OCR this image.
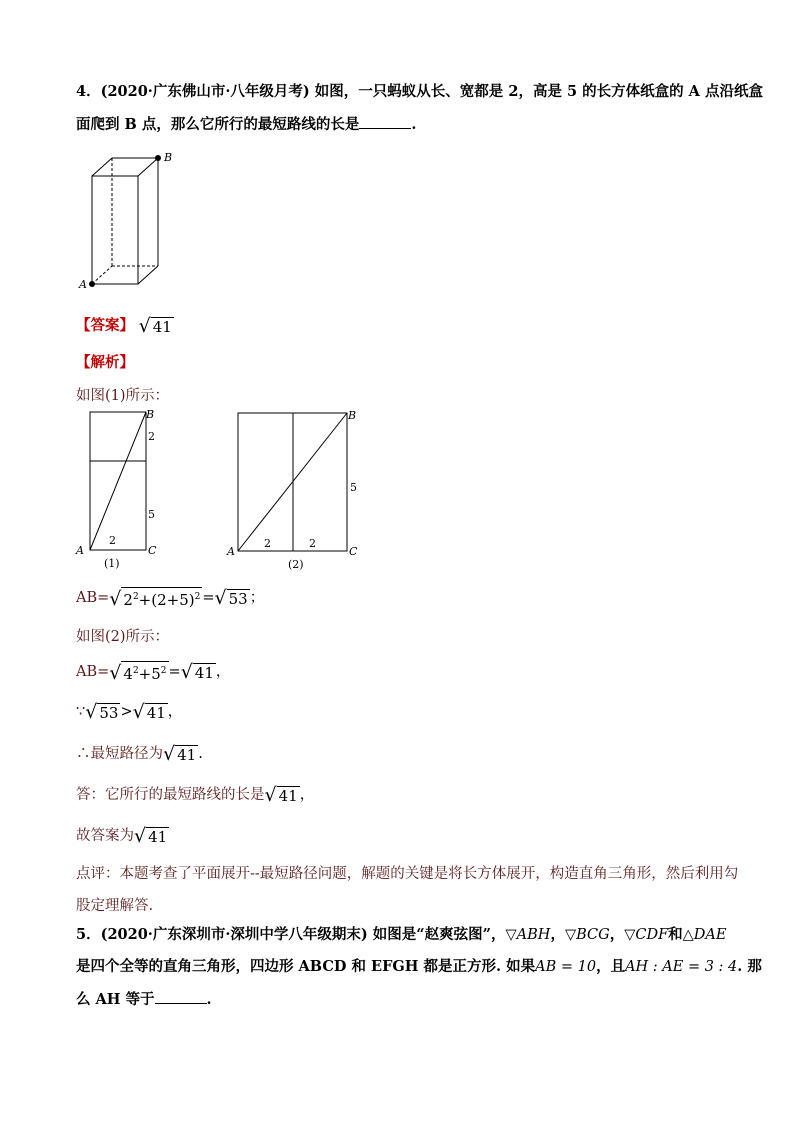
4．(2020·广东佛山市·八年级月考) 如图，一只蚂蚁从长、宽都是 2，高是 5 的长方体纸盒的 A 点沿纸盒
面爬到 B 点，那么它所行的最短路线的长是	.
A
B
【答案】 √ 41
【解析】
如图(1)所示：
A
B
C
2
5
2
(1)
A
B
C
5
2	2
(2)
AB= √ $2^2+(2+5)^2$ = √ 53 ；
如图(2)所示：
AB= √ $4^2+5^2$ = √ 41 ，
∵ √ 53 > √ 41 ，
∴最短路径为 √ 41 .
答：它所行的最短路线的长是 √ 41 ，
故答案为 √ 41
点评：本题考查了平面展开--最短路径问题，解题的关键是将长方体展开，构造直角三角形，然后利用勾
股定理解答.
5．(2020·广东深圳市·深圳中学八年级期末) 如图是“赵爽弦图”，▽ABH，▽BCG，▽CDF和△DAE
是四个全等的直角三角形，四边形 ABCD 和 EFGH 都是正方形. 如果AB = 10，且AH : AE = 3 : 4. 那
么 AH 等于	.
